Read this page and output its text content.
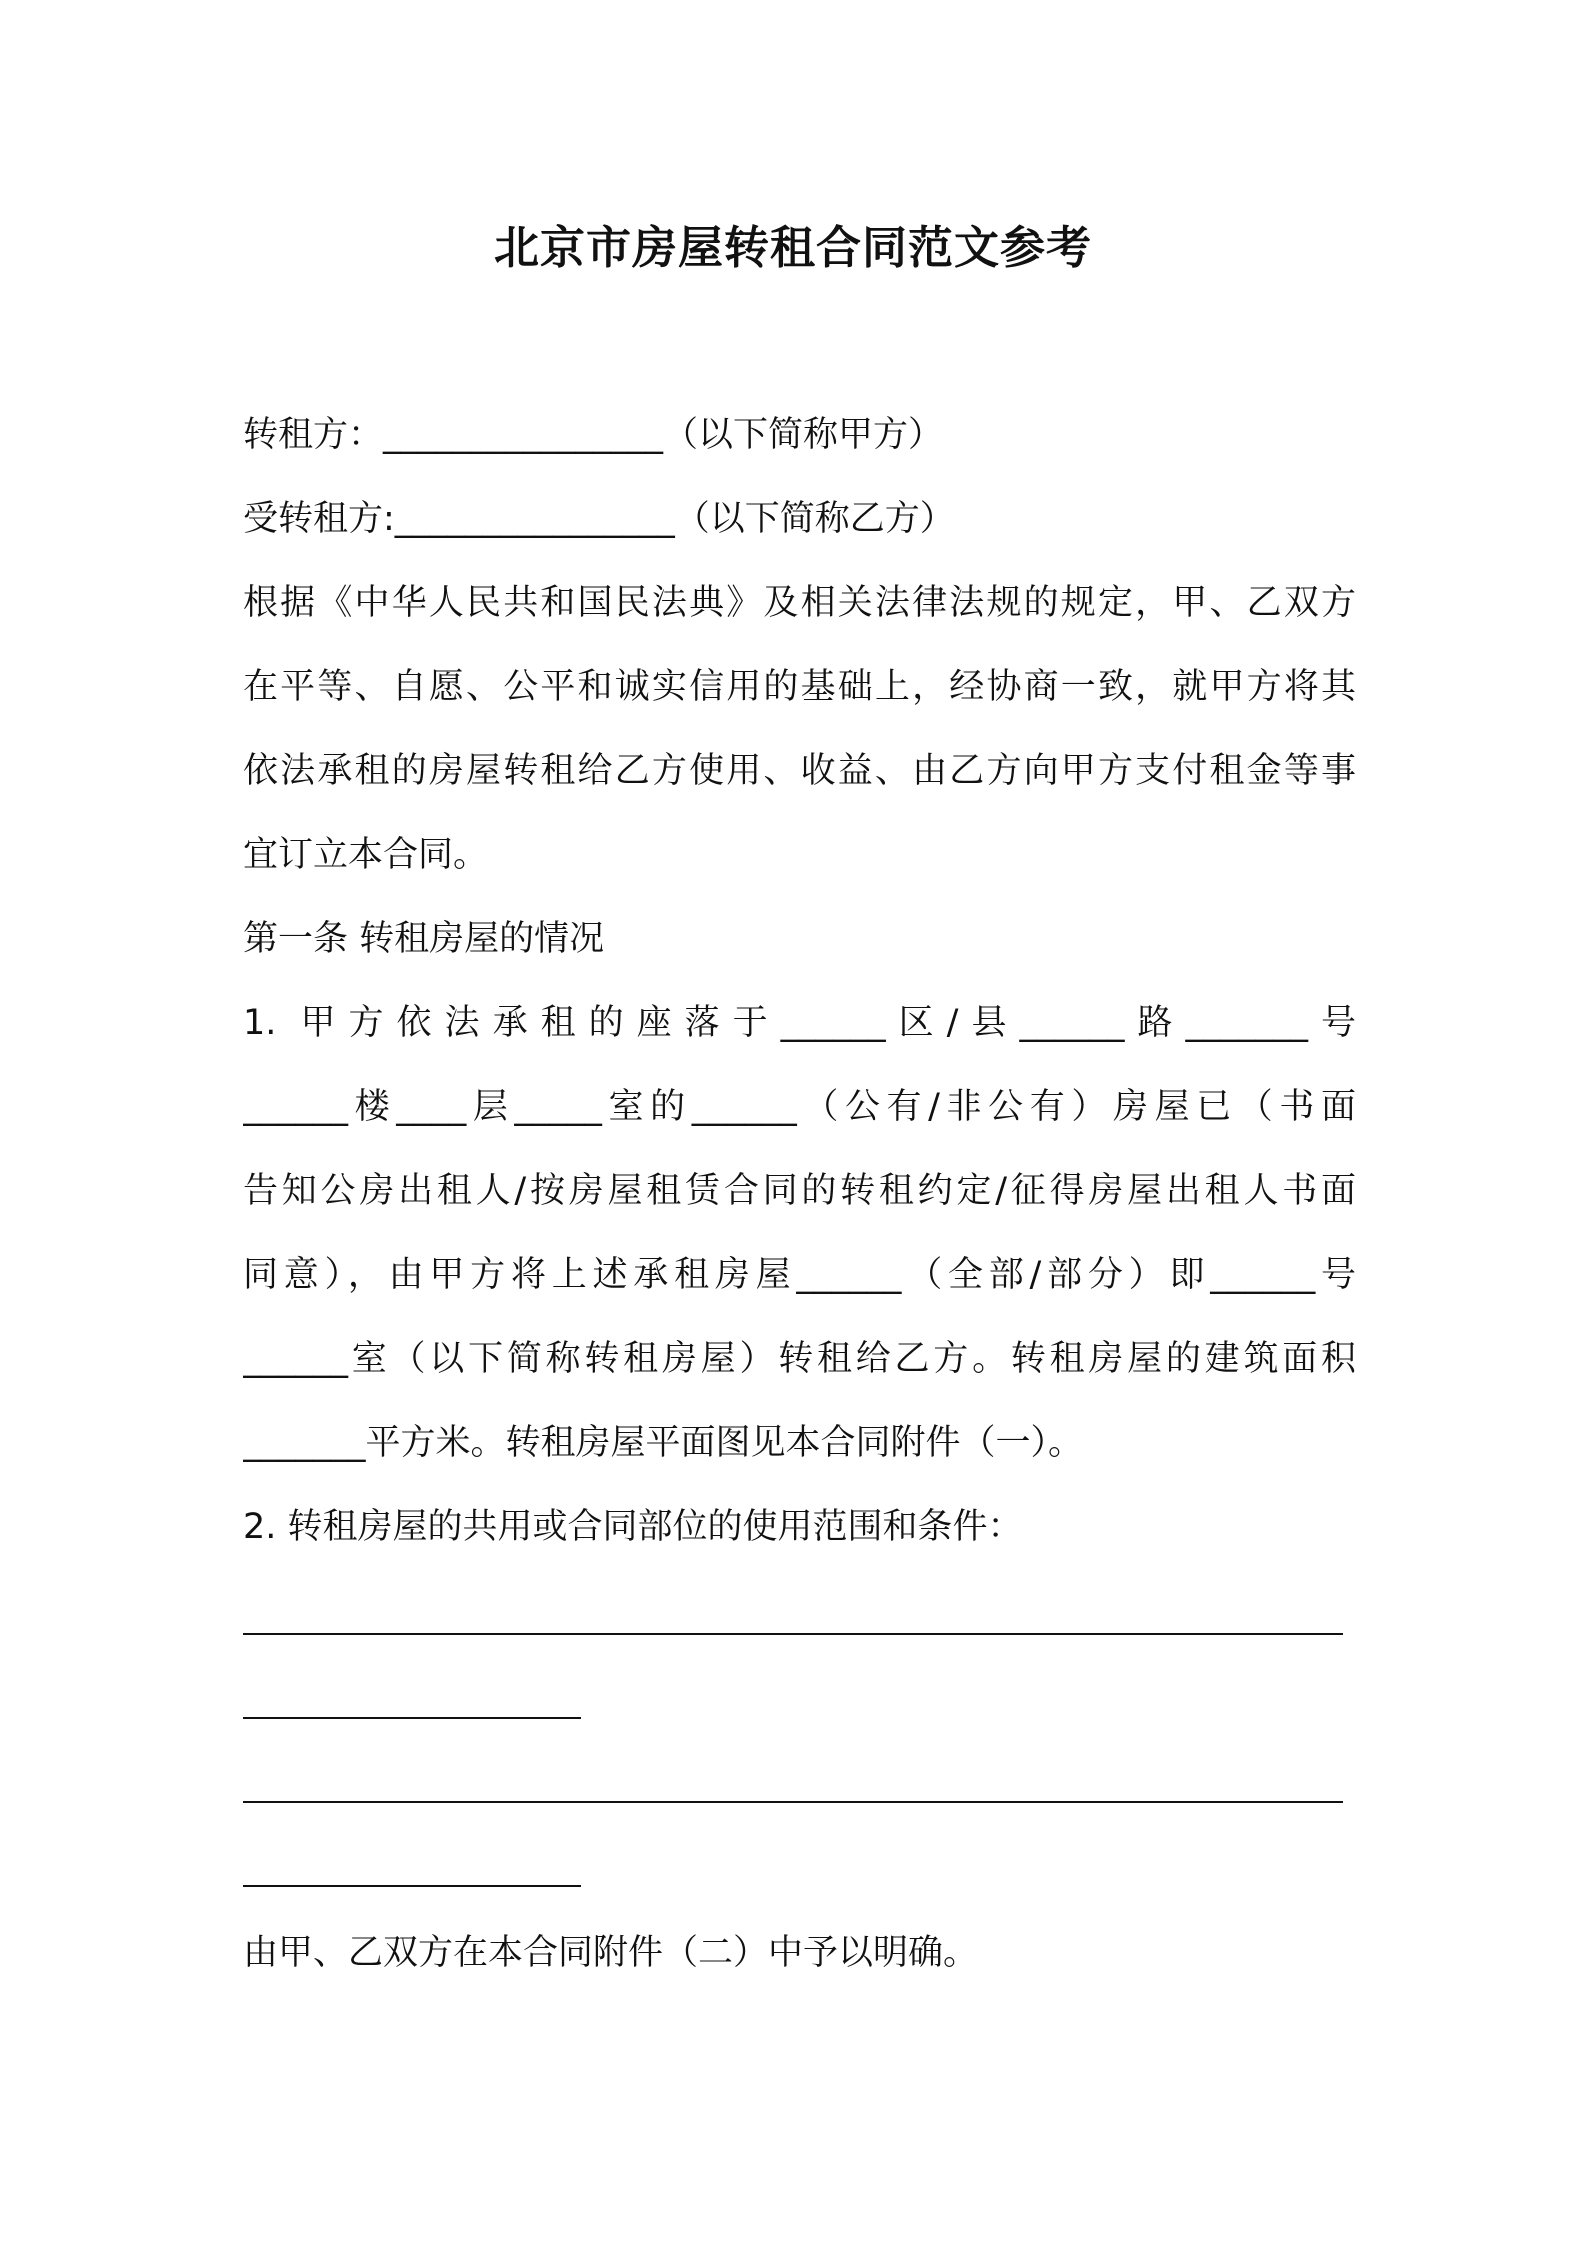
北京市房屋转租合同范文参考
转租方：________________（以下简称甲方）
受转租方:________________（以下简称乙方）
根据《中华人民共和国民法典》及相关法律法规的规定，甲、乙双方
在平等、自愿、公平和诚实信用的基础上，经协商一致，就甲方将其
依法承租的房屋转租给乙方使用、收益、由乙方向甲方支付租金等事
宜订立本合同。
第一条 转租房屋的情况
1. 甲方依法承租的座落于______区/县______路_______号
______楼____层_____室的______（公有/非公有）房屋已（书面
告知公房出租人/按房屋租赁合同的转租约定/征得房屋出租人书面
同意），由甲方将上述承租房屋______（全部/部分）即______号
______室（以下简称转租房屋）转租给乙方。转租房屋的建筑面积
_______平方米。转租房屋平面图见本合同附件（一）。
2. 转租房屋的共用或合同部位的使用范围和条件：
由甲、乙双方在本合同附件（二）中予以明确。
